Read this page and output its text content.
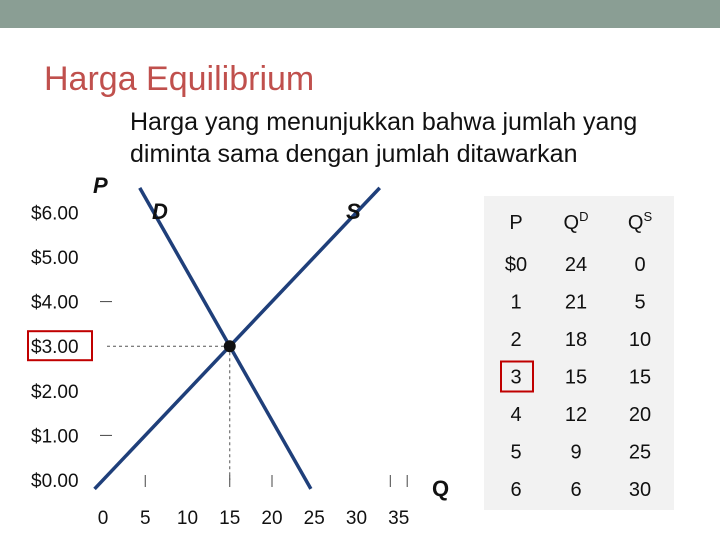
Harga Equilibrium
Harga yang menunjukkan bahwa jumlah yang diminta sama dengan jumlah ditawarkan
$0.00
$1.00
$2.00
$3.00
$4.00
$5.00
$6.00
0 5 10 15 20 25 30 35
P
Q
D	S	P $Q^D$ $Q^S$
$0 24 0
1 21 5
2 18 10
3 15 15
4 12 20
5 9 25
6 6 30
